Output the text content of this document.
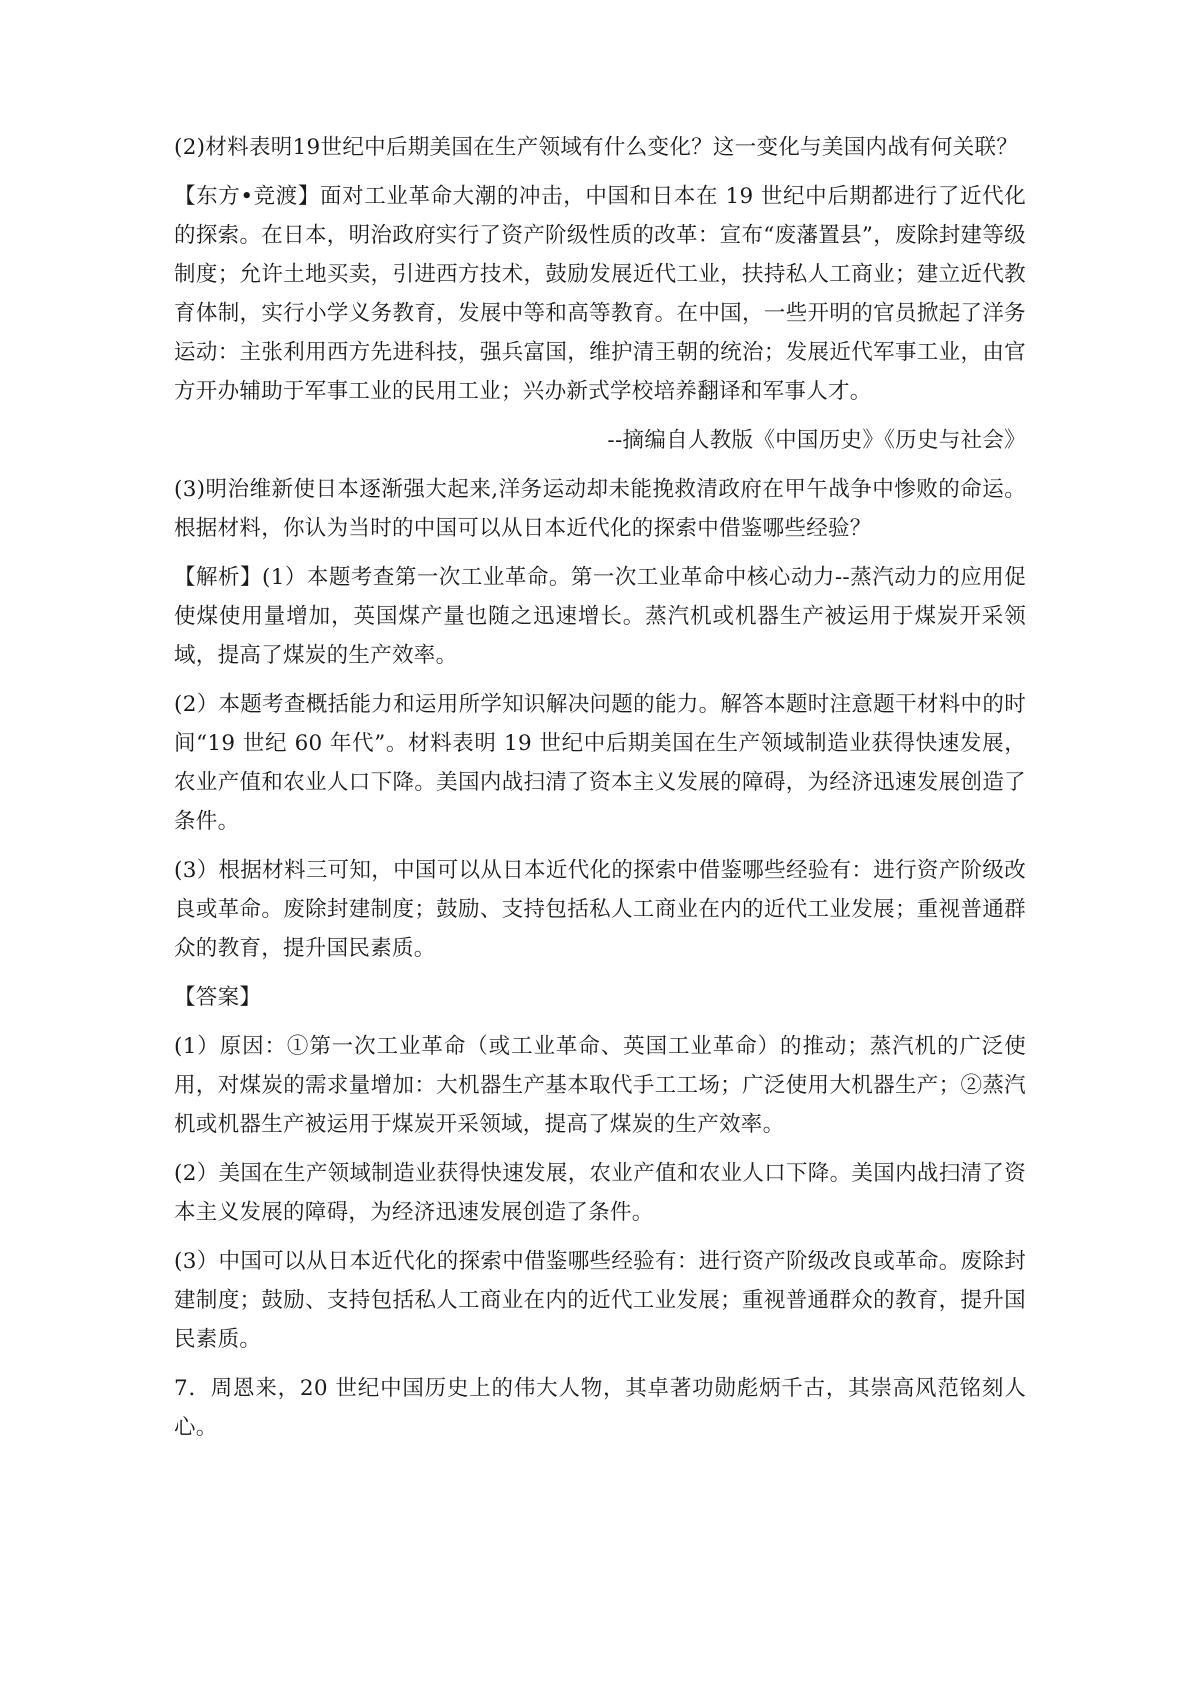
(2)材料表明19世纪中后期美国在生产领域有什么变化？这一变化与美国内战有何关联？

【东方•竞渡】面对工业革命大潮的冲击，中国和日本在 19 世纪中后期都进行了近代化的探索。在日本，明治政府实行了资产阶级性质的改革：宣布“废藩置县”，废除封建等级制度；允许土地买卖，引进西方技术，鼓励发展近代工业，扶持私人工商业；建立近代教育体制，实行小学义务教育，发展中等和高等教育。在中国，一些开明的官员掀起了洋务运动：主张利用西方先进科技，强兵富国，维护清王朝的统治；发展近代军事工业，由官方开办辅助于军事工业的民用工业；兴办新式学校培养翻译和军事人才。

--摘编自人教版《中国历史》《历史与社会》

(3)明治维新使日本逐渐强大起来,洋务运动却未能挽救清政府在甲午战争中惨败的命运。根据材料，你认为当时的中国可以从日本近代化的探索中借鉴哪些经验？

【解析】(1）本题考查第一次工业革命。第一次工业革命中核心动力--蒸汽动力的应用促使煤使用量增加，英国煤产量也随之迅速增长。蒸汽机或机器生产被运用于煤炭开采领域，提高了煤炭的生产效率。

(2）本题考查概括能力和运用所学知识解决问题的能力。解答本题时注意题干材料中的时间“19 世纪 60 年代”。材料表明 19 世纪中后期美国在生产领域制造业获得快速发展，农业产值和农业人口下降。美国内战扫清了资本主义发展的障碍，为经济迅速发展创造了条件。

(3）根据材料三可知，中国可以从日本近代化的探索中借鉴哪些经验有：进行资产阶级改良或革命。废除封建制度；鼓励、支持包括私人工商业在内的近代工业发展；重视普通群众的教育，提升国民素质。

【答案】

(1）原因：①第一次工业革命（或工业革命、英国工业革命）的推动；蒸汽机的广泛使用，对煤炭的需求量增加：大机器生产基本取代手工工场；广泛使用大机器生产；②蒸汽机或机器生产被运用于煤炭开采领域，提高了煤炭的生产效率。

(2）美国在生产领域制造业获得快速发展，农业产值和农业人口下降。美国内战扫清了资本主义发展的障碍，为经济迅速发展创造了条件。

(3）中国可以从日本近代化的探索中借鉴哪些经验有：进行资产阶级改良或革命。废除封建制度；鼓励、支持包括私人工商业在内的近代工业发展；重视普通群众的教育，提升国民素质。

7．周恩来，20 世纪中国历史上的伟大人物，其卓著功勋彪炳千古，其崇高风范铭刻人心。
